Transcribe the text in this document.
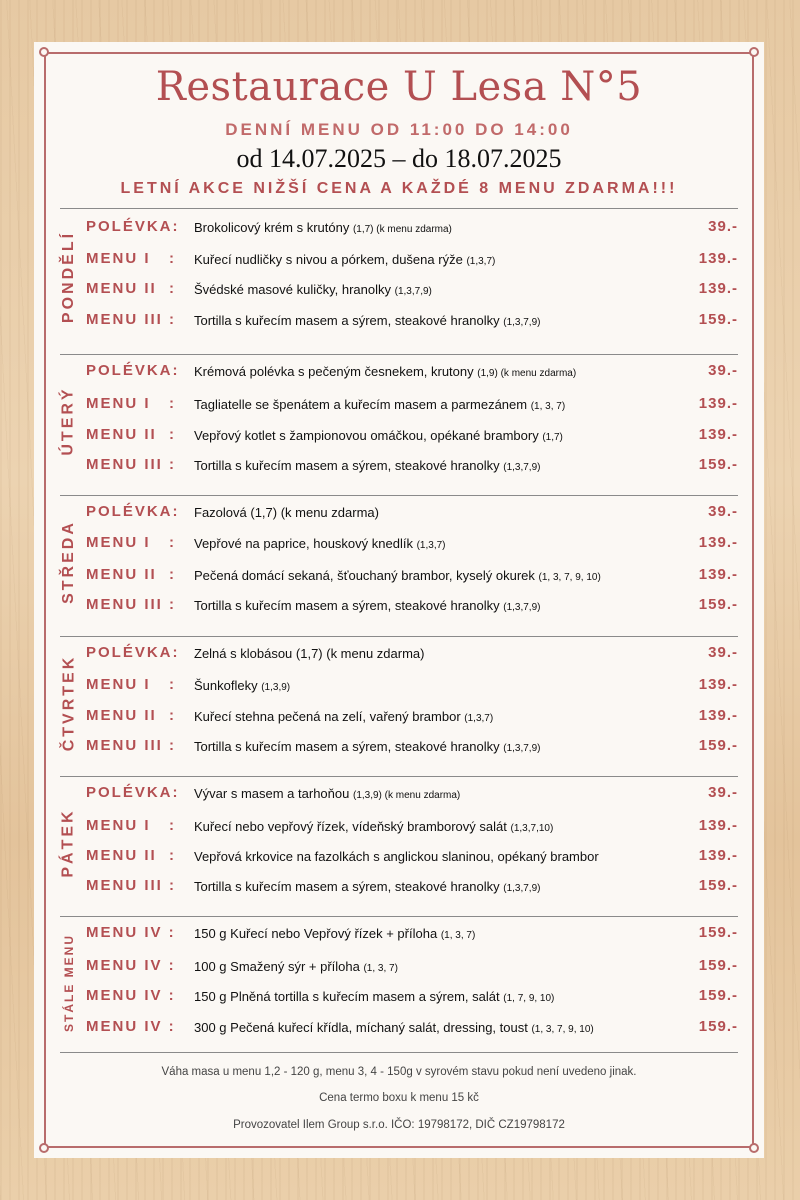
Restaurace U Lesa N°5
DENNÍ MENU OD 11:00 DO 14:00
od 14.07.2025 – do 18.07.2025
LETNÍ AKCE NIŽŠÍ CENA A KAŽDÉ 8 MENU ZDARMA!!!
PONDĚLÍ
POLÉVKA: Brokolicový krém s krutóny (1,7) (k menu zdarma)	39.-
MENU I   : Kuřecí nudličky s nivou a pórkem, dušena rýže (1,3,7)	139.-
MENU II  : Švédské masové kuličky, hranolky (1,3,7,9)	139.-
MENU III : Tortilla s kuřecím masem a sýrem, steakové hranolky (1,3,7,9)	159.-
ÚTERÝ
POLÉVKA: Krémová polévka s pečeným česnekem, krutony (1,9) (k menu zdarma)	39.-
MENU I   : Tagliatelle se špenátem a kuřecím masem a parmezánem (1, 3, 7)	139.-
MENU II  : Vepřový kotlet s žampionovou omáčkou, opékané brambory (1,7)	139.-
MENU III : Tortilla s kuřecím masem a sýrem, steakové hranolky (1,3,7,9)	159.-
STŘEDA
POLÉVKA: Fazolová (1,7) (k menu zdarma)	39.-
MENU I   : Vepřové na paprice, houskový knedlík (1,3,7)	139.-
MENU II  : Pečená domácí sekaná, šťouchaný brambor, kyselý okurek (1, 3, 7, 9, 10)	139.-
MENU III : Tortilla s kuřecím masem a sýrem, steakové hranolky (1,3,7,9)	159.-
ČTVRTEK
POLÉVKA: Zelná s klobásou (1,7) (k menu zdarma)	39.-
MENU I   : Šunkofleky (1,3,9)	139.-
MENU II  : Kuřecí stehna pečená na zelí, vařený brambor (1,3,7)	139.-
MENU III : Tortilla s kuřecím masem a sýrem, steakové hranolky (1,3,7,9)	159.-
PÁTEK
POLÉVKA: Vývar s masem a tarhoňou (1,3,9) (k menu zdarma)	39.-
MENU I   : Kuřecí nebo vepřový řízek, vídeňský bramborový salát (1,3,7,10)	139.-
MENU II  : Vepřová krkovice na fazolkách s anglickou slaninou, opékaný brambor	139.-
MENU III : Tortilla s kuřecím masem a sýrem, steakové hranolky (1,3,7,9)	159.-
STÁLE MENU
MENU IV : 150 g Kuřecí nebo Vepřový řízek + příloha (1, 3, 7)	159.-
MENU IV : 100 g Smažený sýr + příloha (1, 3, 7)	159.-
MENU IV : 150 g Plněná tortilla s kuřecím masem a sýrem, salát (1, 7, 9, 10)	159.-
MENU IV : 300 g Pečená kuřecí křídla, míchaný salát, dressing, toust (1, 3, 7, 9, 10)	159.-
Váha masa u menu 1,2 - 120 g, menu 3, 4 - 150g v syrovém stavu pokud není uvedeno jinak.
Cena termo boxu k menu 15 kč
Provozovatel Ilem Group s.r.o. IČO: 19798172, DIČ CZ19798172
